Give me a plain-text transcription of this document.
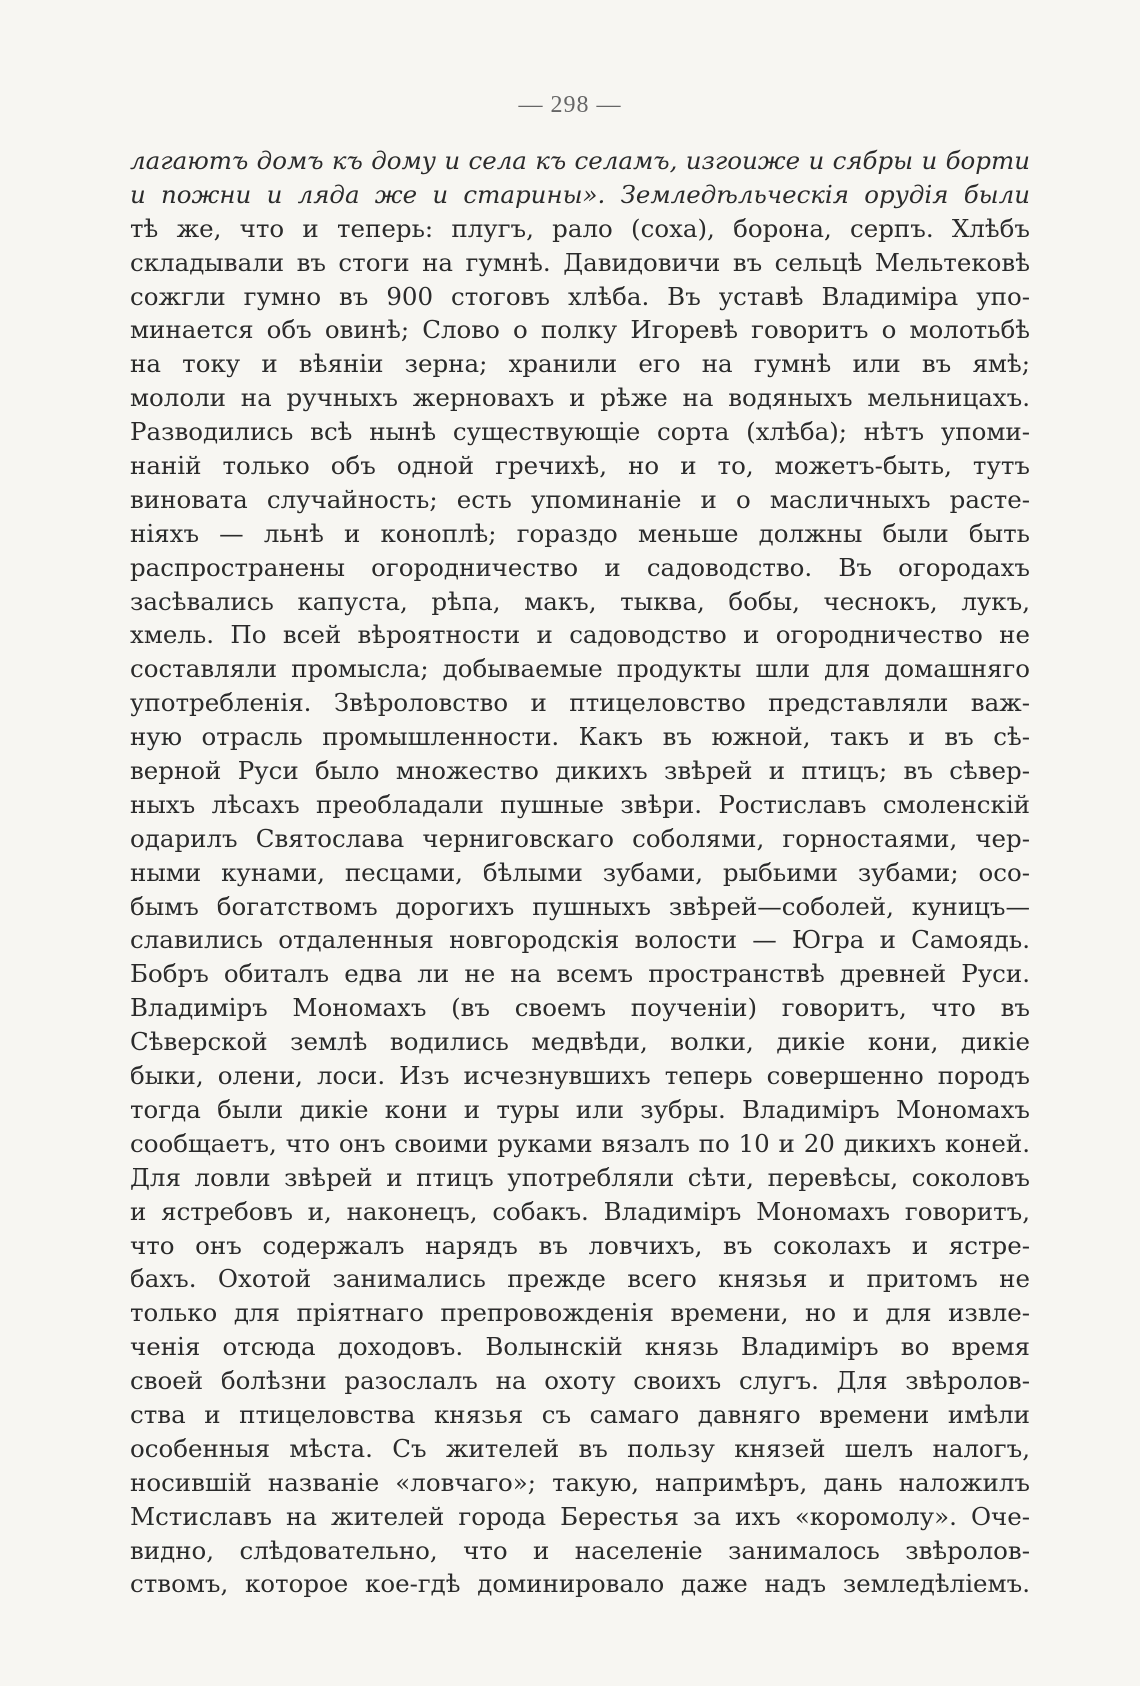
— 298 —
лагаютъ домъ къ дому и села къ селамъ, изгоиже и сябры и борти
и пожни и ляда же и старины». Земледѣльческія орудія были
тѣ же, что и теперь: плугъ, рало (соха), борона, серпъ. Хлѣбъ
складывали въ стоги на гумнѣ. Давидовичи въ сельцѣ Мельтековѣ
сожгли гумно въ 900 стоговъ хлѣба. Въ уставѣ Владиміра упо-
минается объ овинѣ; Слово о полку Игоревѣ говоритъ о молотьбѣ
на току и вѣяніи зерна; хранили его на гумнѣ или въ ямѣ;
мололи на ручныхъ жерновахъ и рѣже на водяныхъ мельницахъ.
Разводились всѣ нынѣ существующіе сорта (хлѣба); нѣтъ упоми-
наній только объ одной гречихѣ, но и то, можетъ-быть, тутъ
виновата случайность; есть упоминаніе и о масличныхъ расте-
ніяхъ — льнѣ и коноплѣ; гораздо меньше должны были быть
распространены огородничество и садоводство. Въ огородахъ
засѣвались капуста, рѣпа, макъ, тыква, бобы, чеснокъ, лукъ,
хмель. По всей вѣроятности и садоводство и огородничество не
составляли промысла; добываемые продукты шли для домашняго
употребленія. Звѣроловство и птицеловство представляли важ-
ную отрасль промышленности. Какъ въ южной, такъ и въ сѣ-
верной Руси было множество дикихъ звѣрей и птицъ; въ сѣвер-
ныхъ лѣсахъ преобладали пушные звѣри. Ростиславъ смоленскій
одарилъ Святослава черниговскаго соболями, горностаями, чер-
ными кунами, песцами, бѣлыми зубами, рыбьими зубами; осо-
бымъ богатствомъ дорогихъ пушныхъ звѣрей—соболей, куницъ—
славились отдаленныя новгородскія волости — Югра и Самоядь.
Бобръ обиталъ едва ли не на всемъ пространствѣ древней Руси.
Владиміръ Мономахъ (въ своемъ поученіи) говоритъ, что въ
Сѣверской землѣ водились медвѣди, волки, дикіе кони, дикіе
быки, олени, лоси. Изъ исчезнувшихъ теперь совершенно породъ
тогда были дикіе кони и туры или зубры. Владиміръ Мономахъ
сообщаетъ, что онъ своими руками вязалъ по 10 и 20 дикихъ коней.
Для ловли звѣрей и птицъ употребляли сѣти, перевѣсы, соколовъ
и ястребовъ и, наконецъ, собакъ. Владиміръ Мономахъ говоритъ,
что онъ содержалъ нарядъ въ ловчихъ, въ соколахъ и ястре-
бахъ. Охотой занимались прежде всего князья и притомъ не
только для пріятнаго препровожденія времени, но и для извле-
ченія отсюда доходовъ. Волынскій князь Владиміръ во время
своей болѣзни разослалъ на охоту своихъ слугъ. Для звѣролов-
ства и птицеловства князья съ самаго давняго времени имѣли
особенныя мѣста. Съ жителей въ пользу князей шелъ налогъ,
носившій названіе «ловчаго»; такую, напримѣръ, дань наложилъ
Мстиславъ на жителей города Берестья за ихъ «коромолу». Оче-
видно, слѣдовательно, что и населеніе занималось звѣролов-
ствомъ, которое кое-гдѣ доминировало даже надъ земледѣліемъ.
